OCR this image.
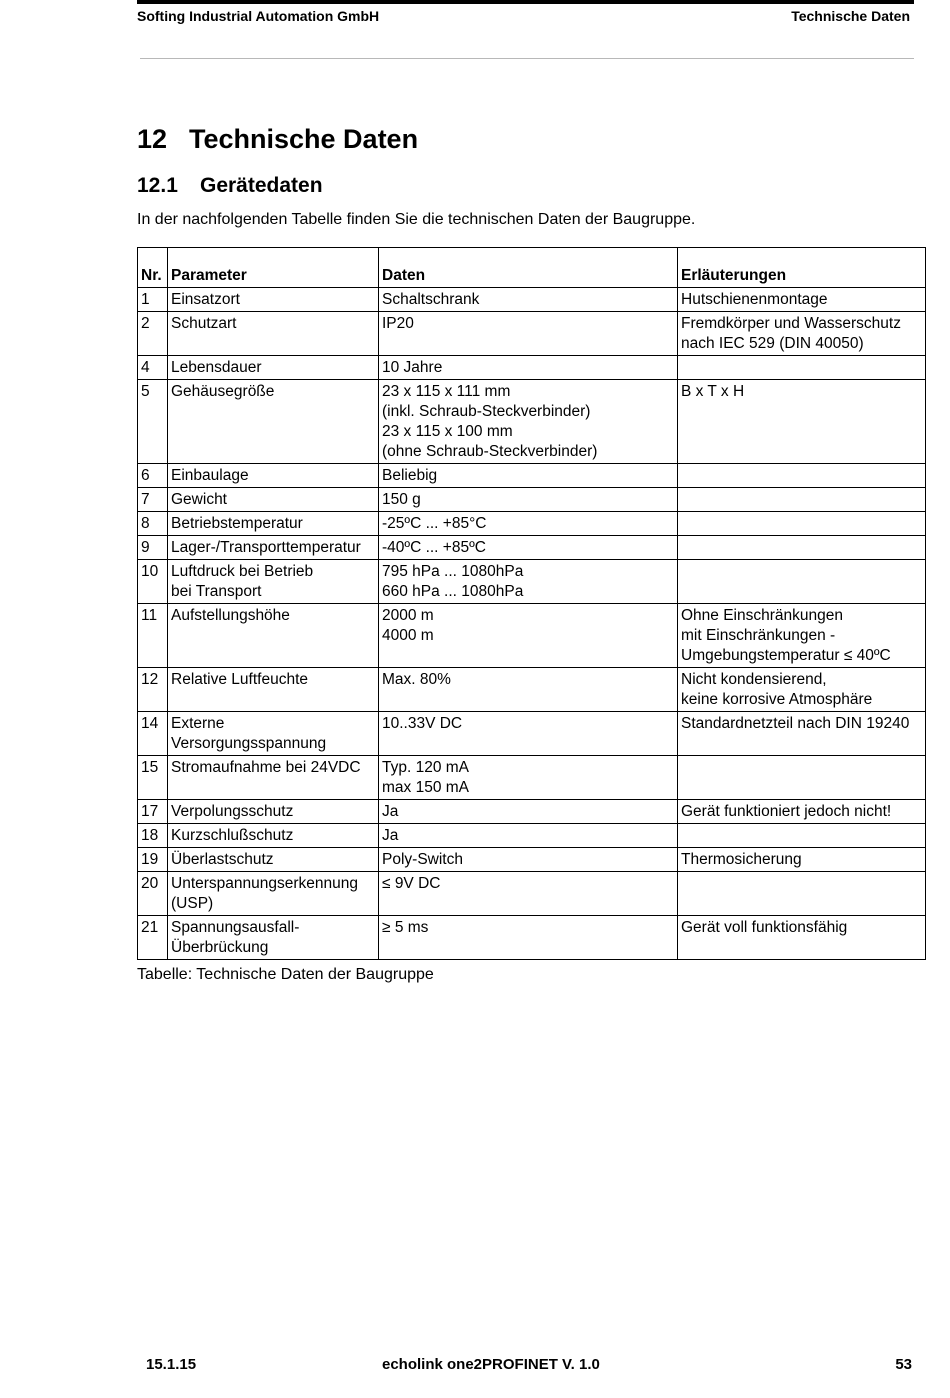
Softing Industrial Automation GmbH	Technische Daten
12 Technische Daten
12.1 Gerätedaten
In der nachfolgenden Tabelle finden Sie die technischen Daten der Baugruppe.
Nr.	Parameter	Daten	Erläuterungen
1	Einsatzort	Schaltschrank	Hutschienenmontage
2	Schutzart	IP20	Fremdkörper und Wasserschutz
nach IEC 529 (DIN 40050)
4	Lebensdauer	10 Jahre	
5	Gehäusegröße	23 x 115 x 111 mm
(inkl. Schraub-Steckverbinder)
23 x 115 x 100 mm
(ohne Schraub-Steckverbinder)	B x T x H
6	Einbaulage	Beliebig	
7	Gewicht	150 g	
8	Betriebstemperatur	-25ºC ... +85°C	
9	Lager-/Transporttemperatur	-40ºC ... +85ºC	
10	Luftdruck bei Betrieb
bei Transport	795 hPa ... 1080hPa
660 hPa ... 1080hPa	
11	Aufstellungshöhe	2000 m
4000 m	Ohne Einschränkungen
mit Einschränkungen -
Umgebungstemperatur ≤ 40ºC
12	Relative Luftfeuchte	Max. 80%	Nicht kondensierend,
keine korrosive Atmosphäre
14	Externe
Versorgungsspannung	10..33V DC	Standardnetzteil nach DIN 19240
15	Stromaufnahme bei 24VDC	Typ. 120 mA
max 150 mA	
17	Verpolungsschutz	Ja	Gerät funktioniert jedoch nicht!
18	Kurzschlußschutz	Ja	
19	Überlastschutz	Poly-Switch	Thermosicherung
20	Unterspannungserkennung
(USP)	≤ 9V DC	
21	Spannungsausfall-
Überbrückung	≥ 5 ms	Gerät voll funktionsfähig
Tabelle: Technische Daten der Baugruppe
15.1.15	echolink one2PROFINET V. 1.0	53
